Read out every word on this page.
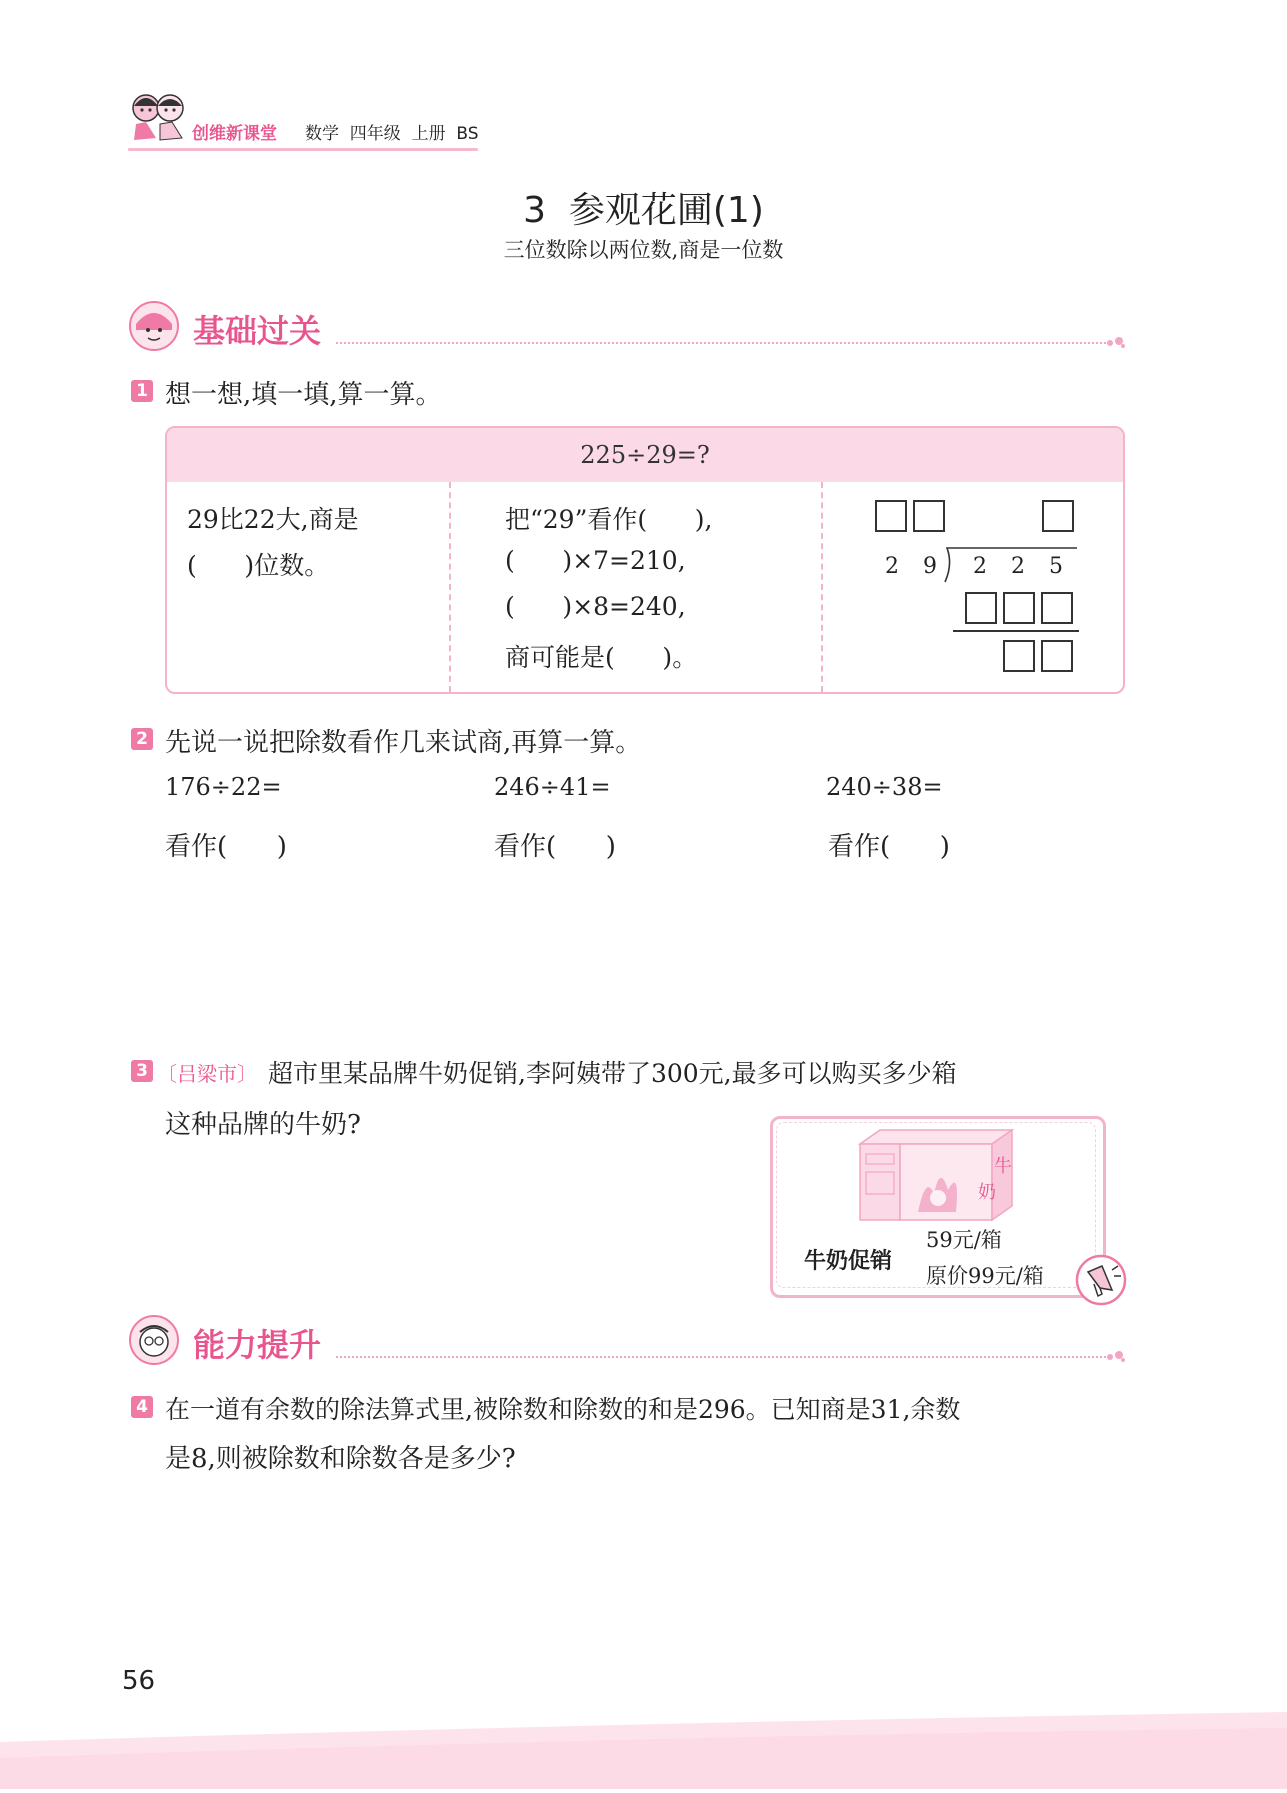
创维新课堂 数学  四年级  上册  BS
3  参观花圃(1)
三位数除以两位数,商是一位数
基础过关
1 想一想,填一填,算一算。
225÷29=?
29比22大,商是
(      )位数。
把“29”看作(      ),
(      )×7=210,
(      )×8=240,
商可能是(      )。
2 9 2 2 5
2 先说一说把除数看作几来试商,再算一算。
176÷22=	246÷41=	240÷38=
看作(      )	看作(      )	看作(      )
3 〔吕梁市〕 超市里某品牌牛奶促销,李阿姨带了300元,最多可以购买多少箱
这种品牌的牛奶?
牛
奶
牛奶促销
59元/箱
原价99元/箱
能力提升
4 在一道有余数的除法算式里,被除数和除数的和是296。已知商是31,余数
是8,则被除数和除数各是多少?
56
